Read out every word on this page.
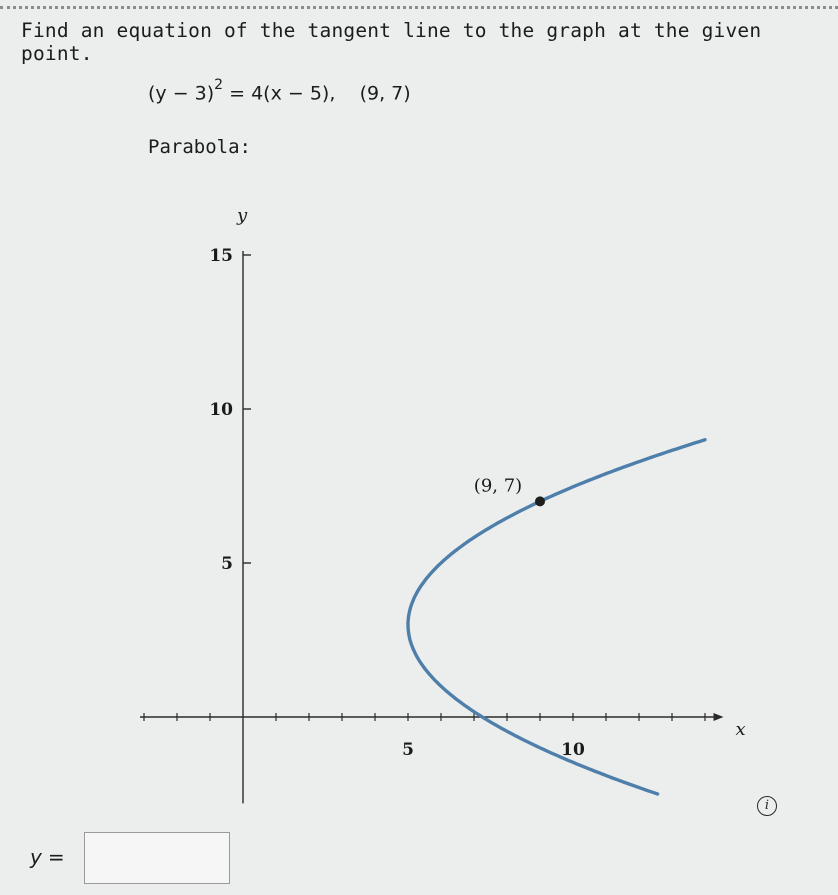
Find an equation of the tangent line to the graph at the given point.
$(y - 3)^2 = 4(x - 5)$, (9, 7)
Parabola:
x
y
5
10
15
5	10
(9, 7)
i
y =
